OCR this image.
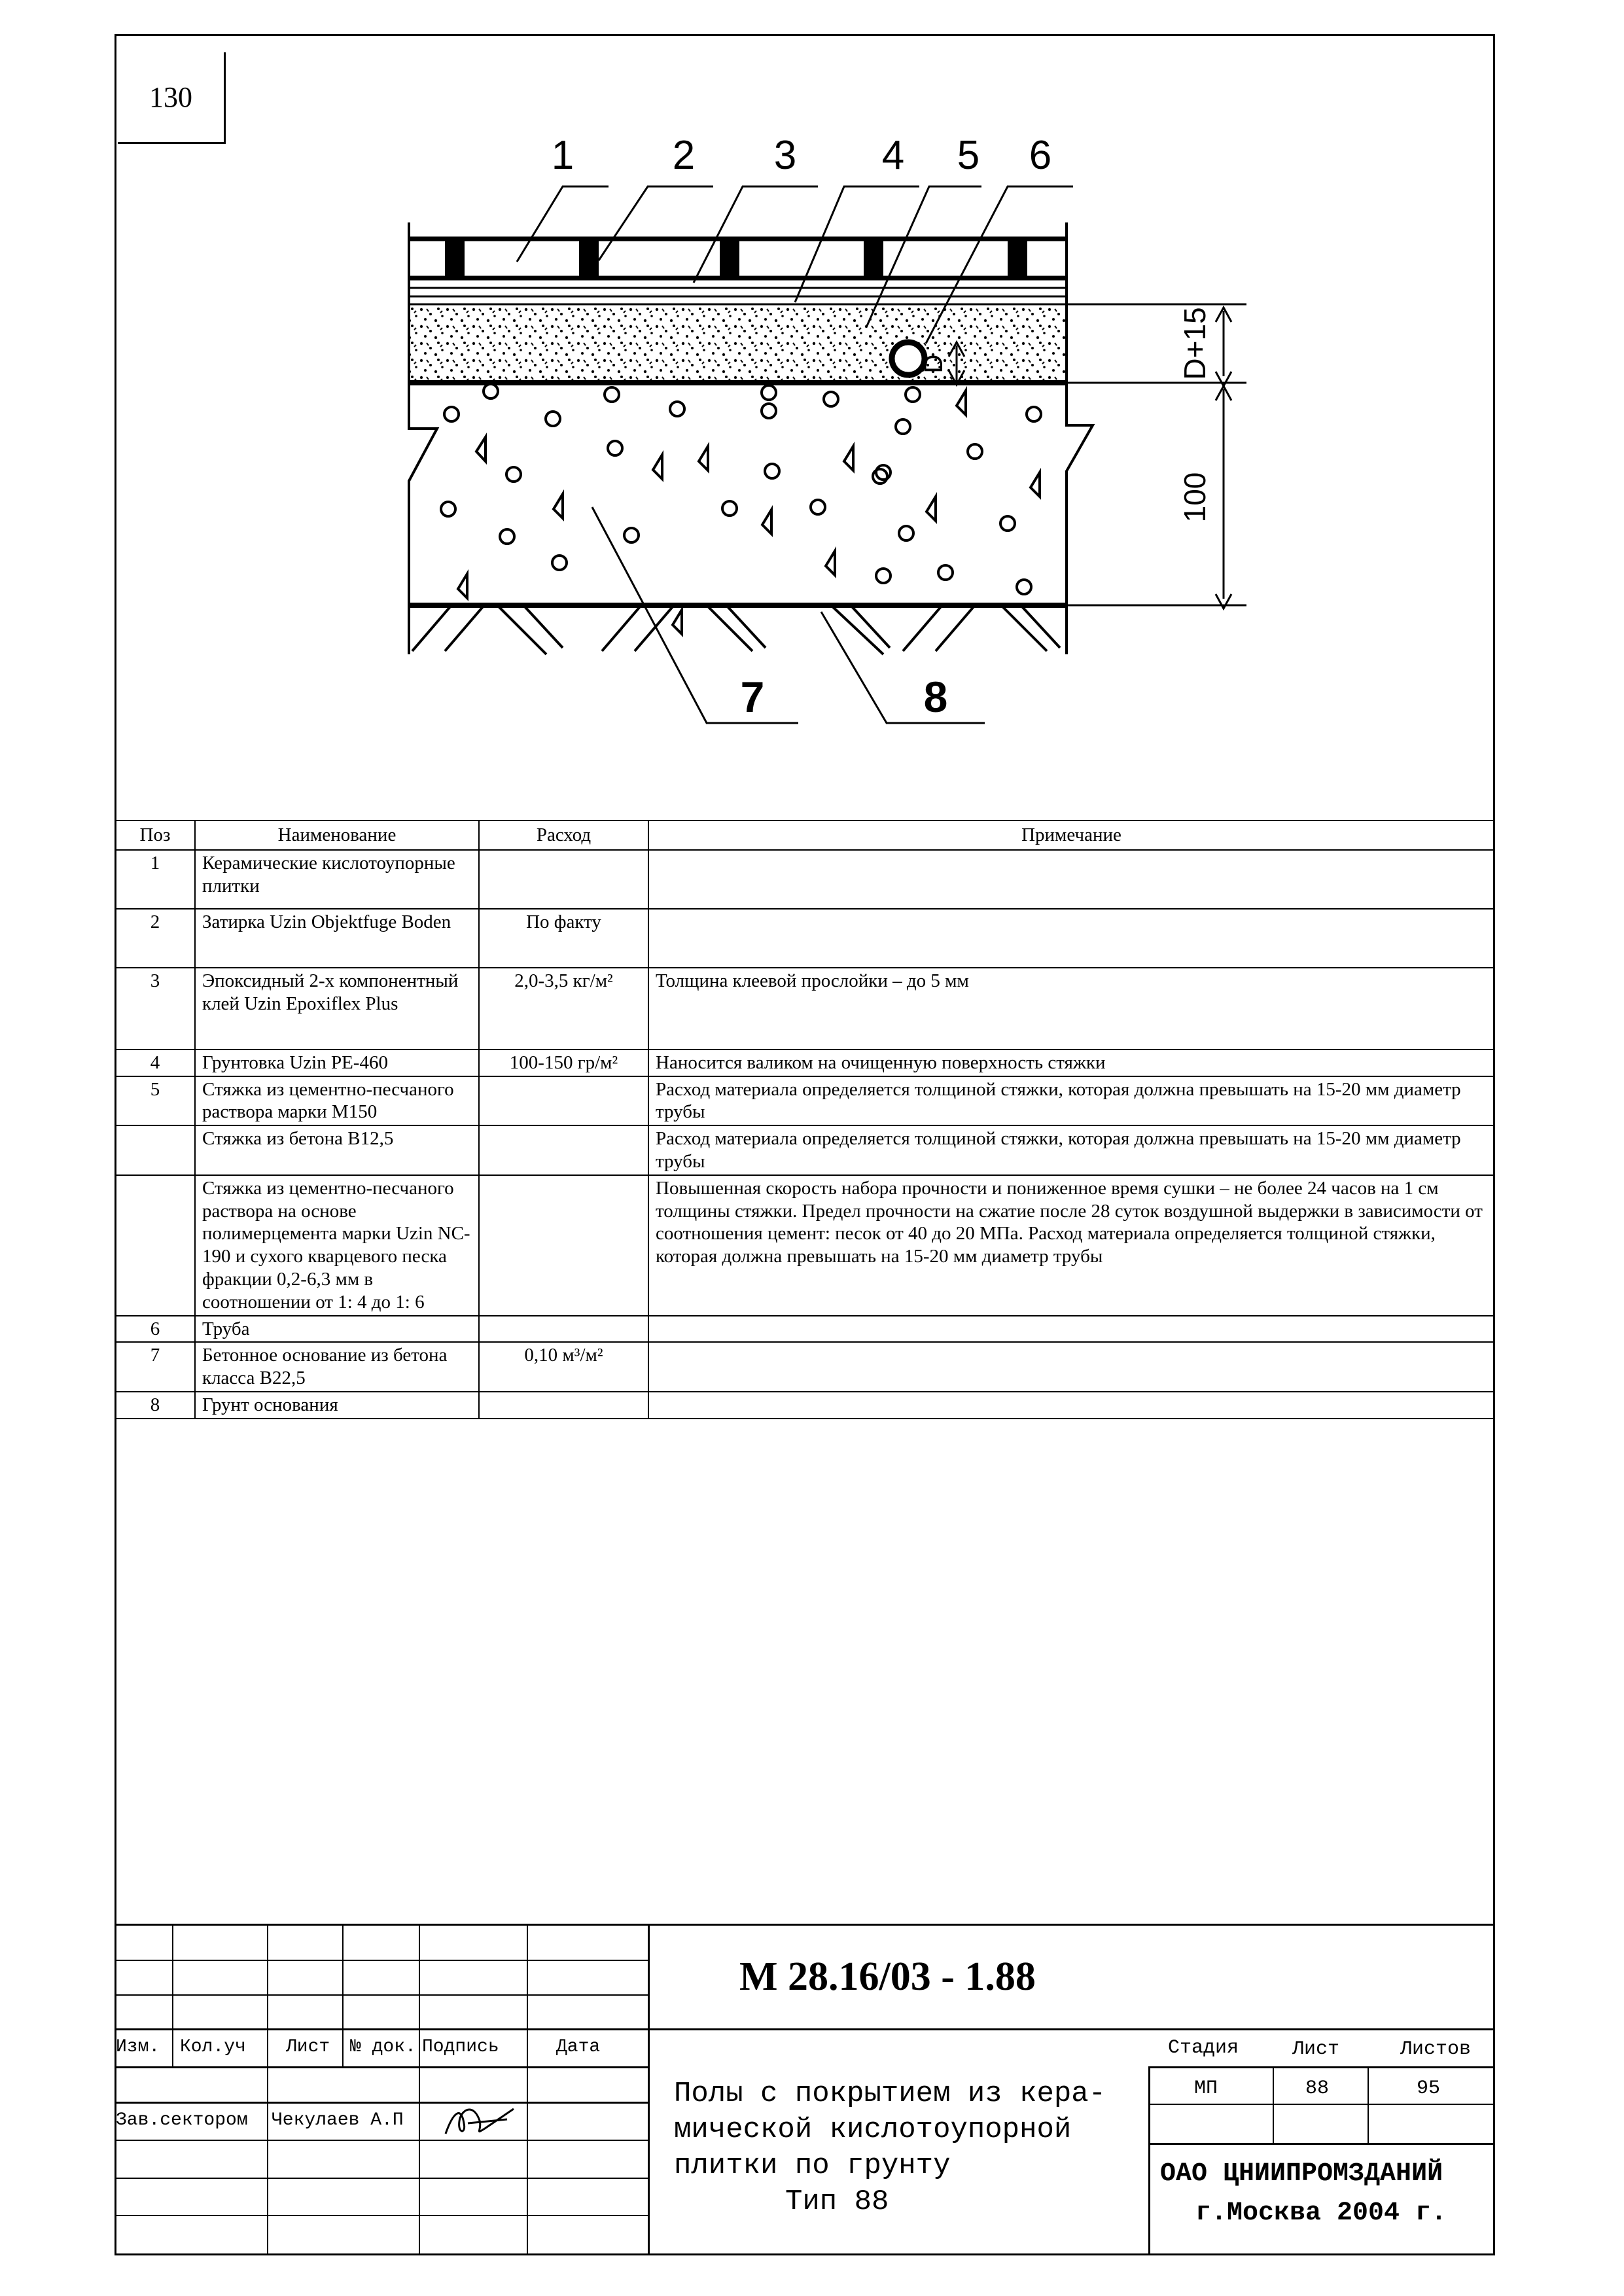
130
1 2 3 4 5 6
7	8
D+15
100
D
Поз	Наименование	Расход	Примечание
1	Керамические кислотоупорные плитки		
2	Затирка Uzin Objektfuge Boden	По факту	
3	Эпоксидный 2-х компонентный клей Uzin Epoxiflex Plus	2,0-3,5 кг/м²	Толщина клеевой прослойки – до 5 мм
4	Грунтовка Uzin PE-460	100-150 гр/м²	Наносится валиком на очищенную поверхность стяжки
5	Стяжка из цементно-песчаного раствора марки М150		Расход материала определяется толщиной стяжки, которая должна превышать на 15-20 мм диаметр трубы
	Стяжка из бетона В12,5		Расход материала определяется толщиной стяжки, которая должна превышать на 15-20 мм диаметр трубы
	Стяжка из цементно-песчаного раствора на основе полимерцемента марки Uzin NC-190 и сухого кварцевого песка фракции 0,2-6,3 мм в соотношении от 1: 4 до 1: 6		Повышенная скорость набора прочности и пониженное время сушки – не более 24 часов на 1 см толщины стяжки. Предел прочности на сжатие после 28 суток воздушной выдержки в зависимости от соотношения цемент: песок от 40 до 20 МПа. Расход материала определяется толщиной стяжки, которая должна превышать на 15-20 мм диаметр трубы
6	Труба		
7	Бетонное основание из бетона класса В22,5	0,10 м³/м²	
8	Грунт основания		
М 28.16/03 - 1.88
Изм. Кол.уч Лист № док. Подпись	Дата
Зав.сектором Чекулаев А.П
Полы с покрытием из кера-
мической кислотоупорной
плитки по грунту
Тип 88
Стадия	Лист	Листов
МП	88	95
ОАО ЦНИИПРОМЗДАНИЙ
г.Москва 2004 г.
